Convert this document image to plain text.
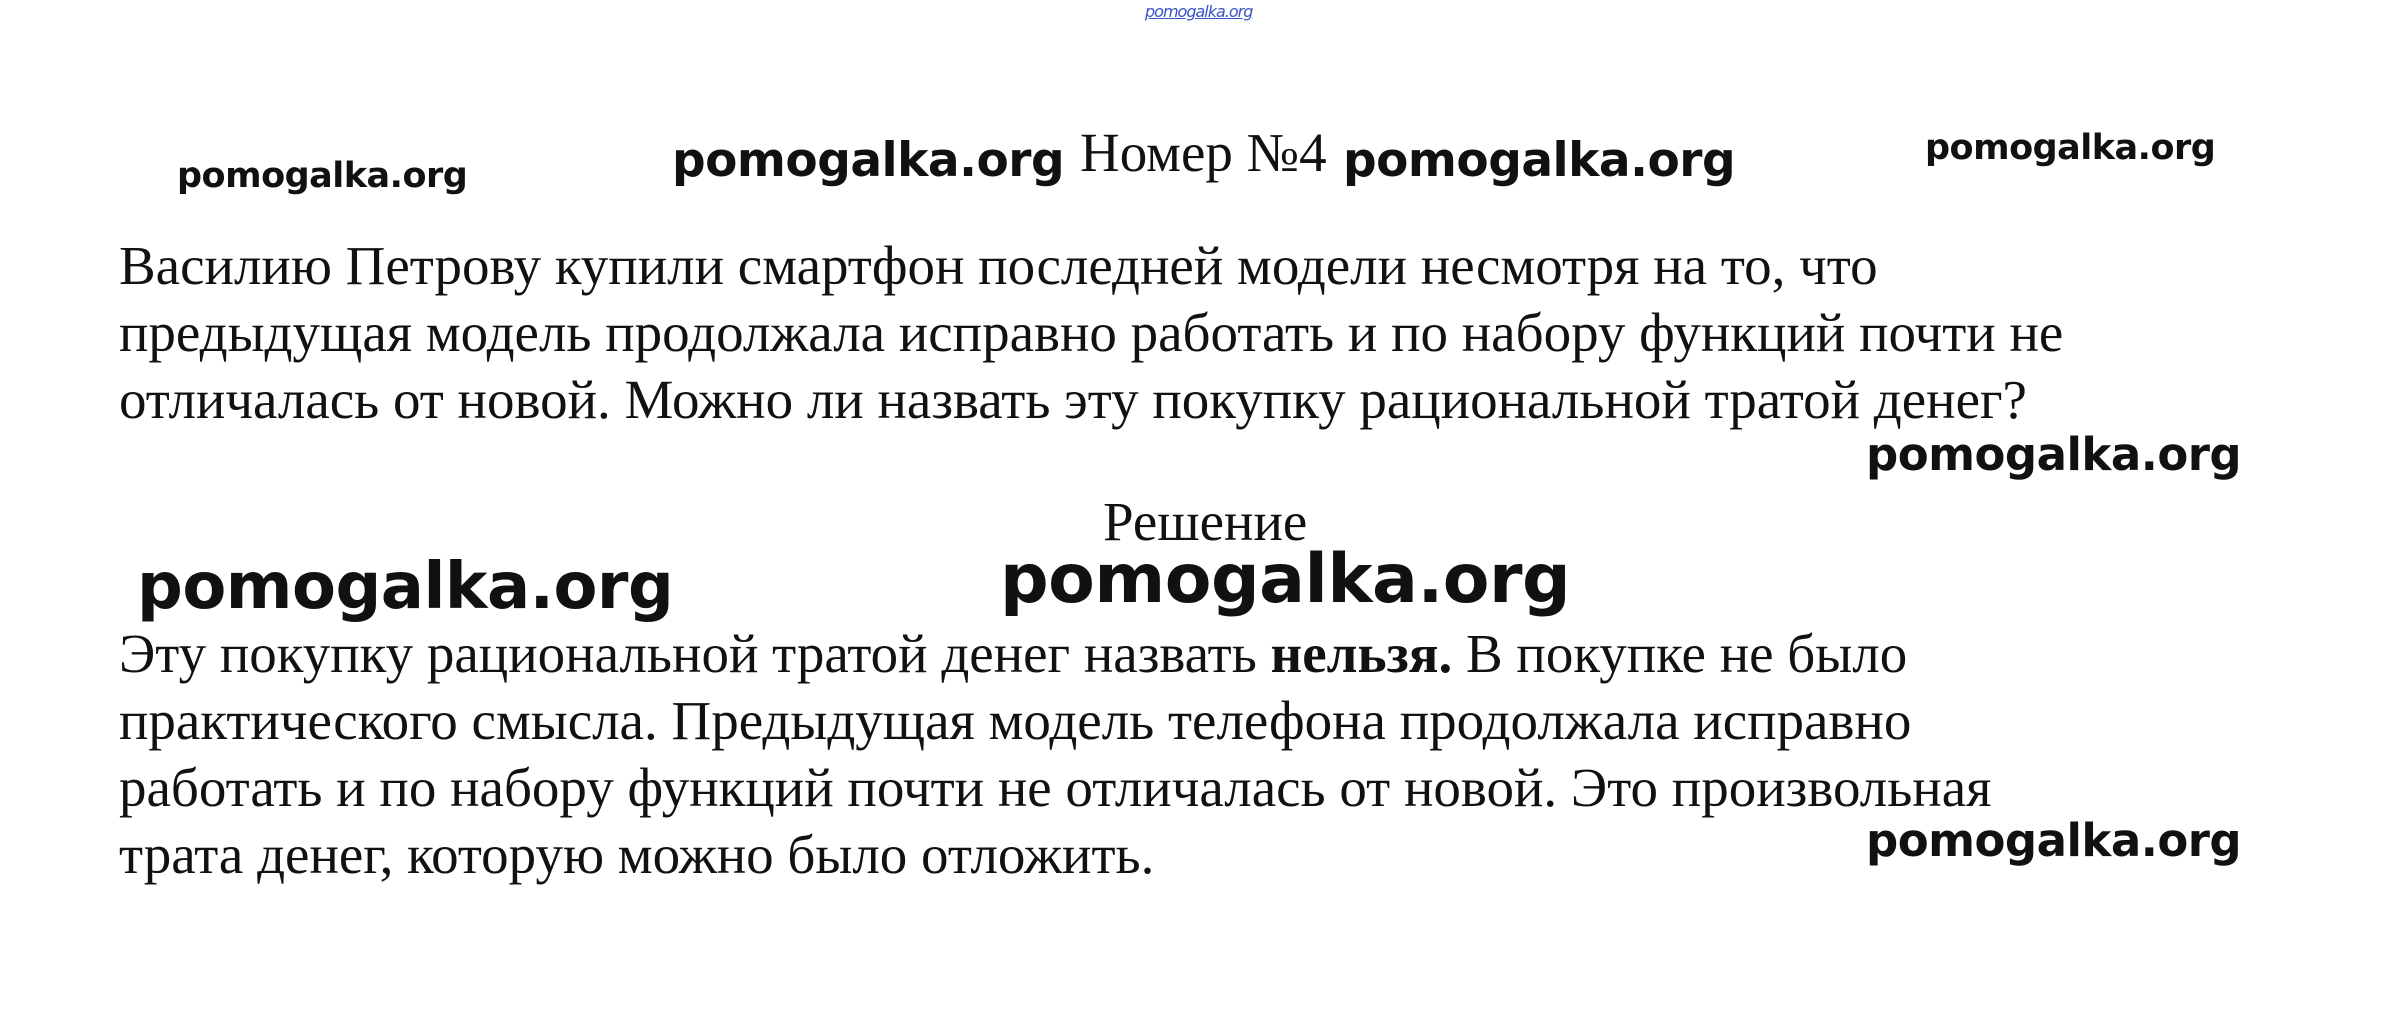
pomogalka.org
pomogalka.org	pomogalka.org	pomogalka.org	pomogalka.org
Номер №4
Василию Петрову купили смартфон последней модели несмотря на то, что
предыдущая модель продолжала исправно работать и по набору функций почти не
отличалась от новой. Можно ли назвать эту покупку рациональной тратой денег?
pomogalka.org
Решение
pomogalka.org	pomogalka.org
Эту покупку рациональной тратой денег назвать нельзя. В покупке не было
практического смысла. Предыдущая модель телефона продолжала исправно
работать и по набору функций почти не отличалась от новой. Это произвольная
трата денег, которую можно было отложить.	pomogalka.org
